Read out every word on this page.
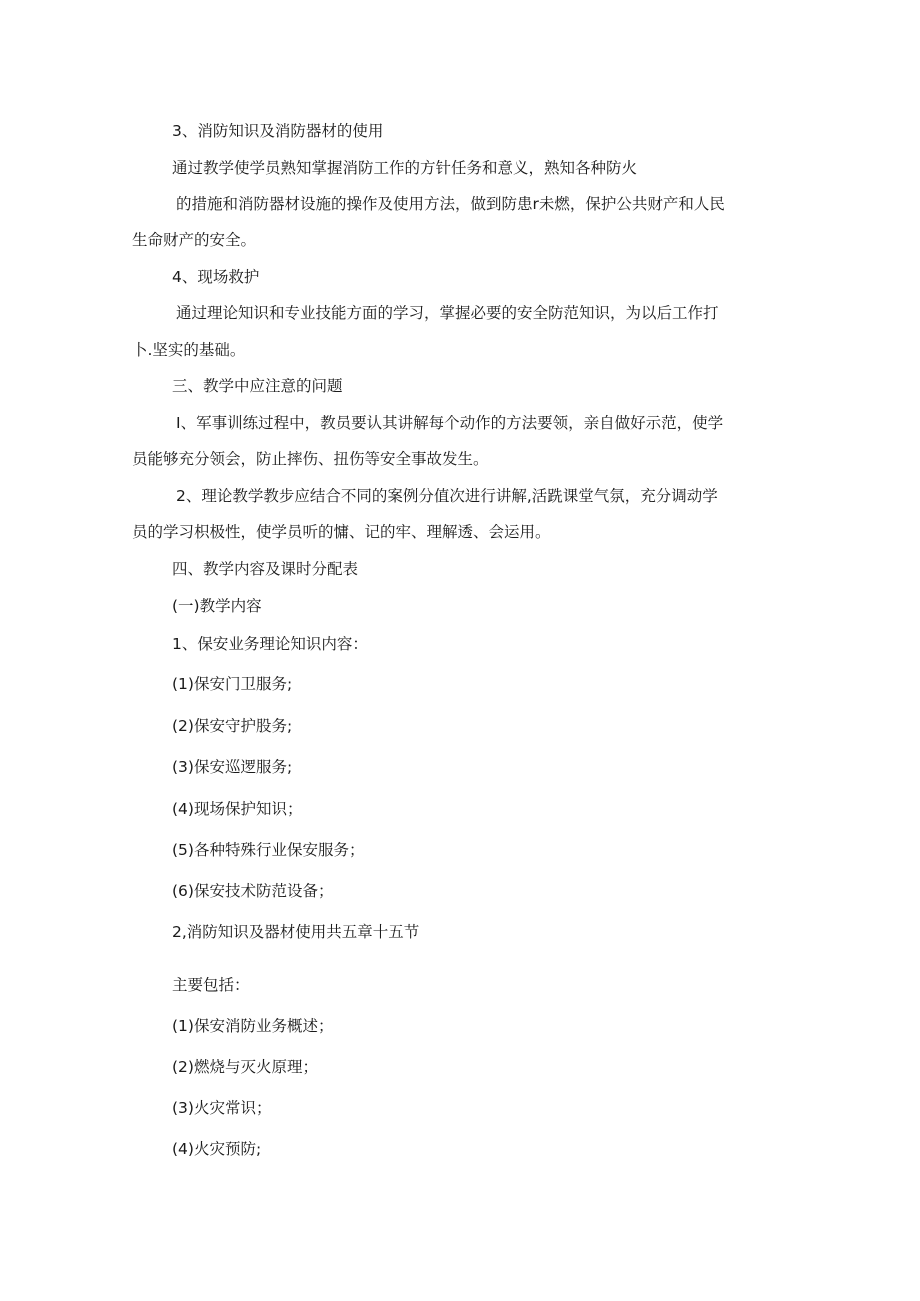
3、消防知识及消防器材的使用
通过教学使学员熟知掌握消防工作的方针任务和意义，熟知各种防火
的措施和消防器材设施的操作及使用方法，做到防患r未燃，保护公共财产和人民
生命财产的安全。
4、现场救护
通过理论知识和专业技能方面的学习，掌握必要的安全防范知识，为以后工作打
卜.坚实的基础。
三、教学中应注意的问题
I、军事训练过程中，教员要认其讲解每个动作的方法要领，亲自做好示范，使学
员能够充分领会，防止摔伤、扭伤等安全事故发生。
2、理论教学教步应结合不同的案例分值次进行讲解,活跣课堂气氛，充分调动学
员的学习枳极性，使学员听的慵、记的牢、理解透、会运用。
四、教学内容及课时分配表
(一)教学内容
1、保安业务理论知识内容：
(1)保安门卫服务;
(2)保安守护股务;
(3)保安巡逻服务;
(4)现场保护知识；
(5)各种特殊行业保安服务；
(6)保安技术防范设备；
2,消防知识及器材使用共五章十五节
主要包括：
(1)保安消防业务概述；
(2)燃烧与灭火原理；
(3)火灾常识；
(4)火灾预防;
